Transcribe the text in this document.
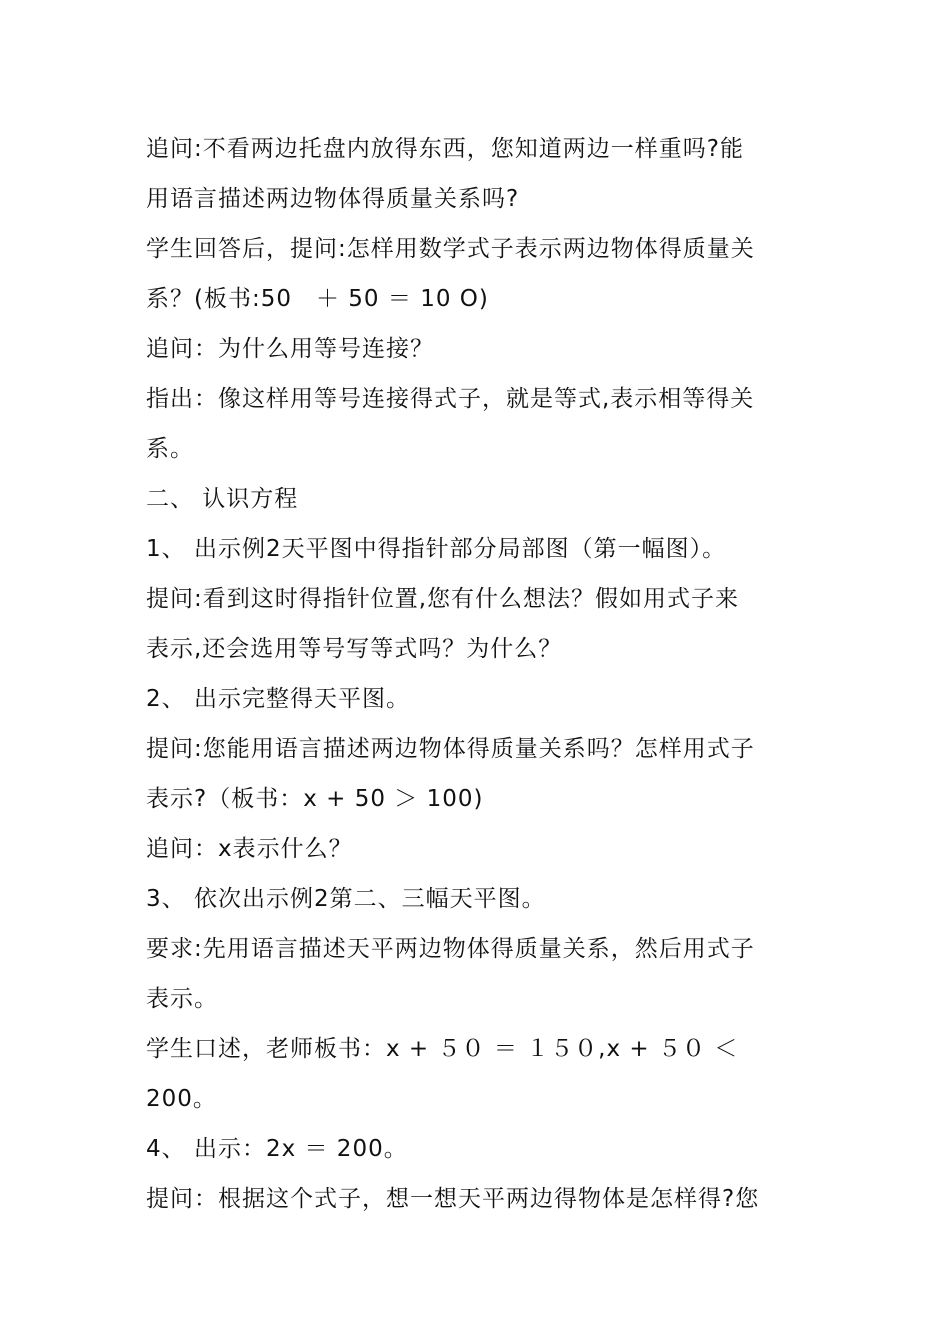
追问:不看两边托盘内放得东西，您知道两边一样重吗?能
用语言描述两边物体得质量关系吗?
学生回答后，提问:怎样用数学式子表示两边物体得质量关
系？(板书:50　＋ 50 ＝ 10 O)
追问：为什么用等号连接？
指出：像这样用等号连接得式子，就是等式,表示相等得关
系。
二、 认识方程
1、 出示例2天平图中得指针部分局部图（第一幅图）。
提问:看到这时得指针位置,您有什么想法？假如用式子来
表示,还会选用等号写等式吗？为什么？
2、 出示完整得天平图。
提问:您能用语言描述两边物体得质量关系吗？怎样用式子
表示?（板书：x + 50 ＞ 100)
追问：x表示什么？
3、 依次出示例2第二、三幅天平图。
要求:先用语言描述天平两边物体得质量关系，然后用式子
表示。
学生口述，老师板书：x + ５０ ＝ １５０,x + ５０ ＜
200。
4、 出示：2x ＝ 200。
提问：根据这个式子，想一想天平两边得物体是怎样得?您
